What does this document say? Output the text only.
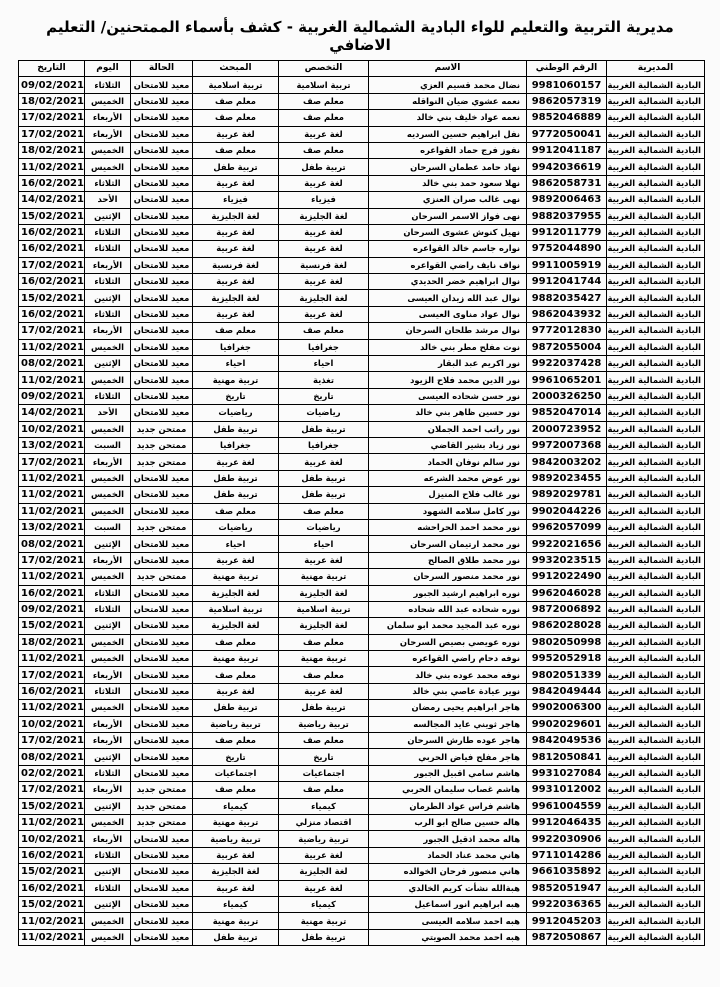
مديرية التربية والتعليم للواء البادية الشمالية الغربية - كشف بأسماء الممتحنين/ التعليم الاضافي
المديرية	الرقم الوطني	الاسم	التخصص	المبحث	الحالة	اليوم	التاريخ
البادية الشمالية الغربية	9981060157	نضال محمد قسيم العزي	تربية اسلامية	تربية اسلامية	معيد للامتحان	الثلاثاء	09/02/2021
البادية الشمالية الغربية	9862057319	نعمه عشوي ضيان النواقله	معلم صف	معلم صف	معيد للامتحان	الخميس	18/02/2021
البادية الشمالية الغربية	9852046889	نعمه عواد خليف بني خالد	معلم صف	معلم صف	معيد للامتحان	الأربعاء	17/02/2021
البادية الشمالية الغربية	9772050041	نفل ابراهيم حسين السرديه	لغة عربية	لغة عربية	معيد للامتحان	الأربعاء	17/02/2021
البادية الشمالية الغربية	9912041187	نفوز فرج حماد القواعره	معلم صف	معلم صف	معيد للامتحان	الخميس	18/02/2021
البادية الشمالية الغربية	9942036619	نهاد حامد عطمان السرحان	تربية طفل	تربية طفل	معيد للامتحان	الخميس	11/02/2021
البادية الشمالية الغربية	9862058731	نهلا سعود حمد بني خالد	لغة عربية	لغة عربية	معيد للامتحان	الثلاثاء	16/02/2021
البادية الشمالية الغربية	9892006463	نهى غالب صران العنزي	فيزياء	فيزياء	معيد للامتحان	الأحد	14/02/2021
البادية الشمالية الغربية	9882037955	نهى فواز الاسمر السرحان	لغة الجليزية	لغة الجليزية	معيد للامتحان	الإثنين	15/02/2021
البادية الشمالية الغربية	9912011779	نهيل كنوش عشوى السرحان	لغة عربية	لغة عربية	معيد للامتحان	الثلاثاء	16/02/2021
البادية الشمالية الغربية	9752044890	نواره جاسم خالد القواعره	لغة عربية	لغة عربية	معيد للامتحان	الثلاثاء	16/02/2021
البادية الشمالية الغربية	9911005919	نواف نايف راضي القواعره	لغة فرنسية	لغة فرنسية	معيد للامتحان	الأربعاء	17/02/2021
البادية الشمالية الغربية	9912041744	نوال ابراهيم خضر الحديدي	لغة عربية	لغة عربية	معيد للامتحان	الثلاثاء	16/02/2021
البادية الشمالية الغربية	9882035427	نوال عبد الله زيدان العيسى	لغة الجليزية	لغة الجليزية	معيد للامتحان	الإثنين	15/02/2021
البادية الشمالية الغربية	9862043932	نوال عواد مناوى العيسى	لغة عربية	لغة عربية	معيد للامتحان	الثلاثاء	16/02/2021
البادية الشمالية الغربية	9772012830	نوال مرشد طلحان السرحان	معلم صف	معلم صف	معيد للامتحان	الأربعاء	17/02/2021
البادية الشمالية الغربية	9872055004	نوت مفلح مطر بني خالد	جغرافيا	جغرافيا	معيد للامتحان	الخميس	11/02/2021
البادية الشمالية الغربية	9922037428	نور اكريم عبد البقار	احياء	احياء	معيد للامتحان	الإثنين	08/02/2021
البادية الشمالية الغربية	9961065201	نور الدين محمد فلاح الزيود	تغذية	تربية مهنية	معيد للامتحان	الخميس	11/02/2021
البادية الشمالية الغربية	2000326250	نور حسن شحاده العيسى	تاريخ	تاريخ	معيد للامتحان	الثلاثاء	09/02/2021
البادية الشمالية الغربية	9852047014	نور حسين ظاهر بني خالد	رياضيات	رياضيات	معيد للامتحان	الأحد	14/02/2021
البادية الشمالية الغربية	2000723952	نور راتب احمد الجملان	تربية طفل	تربية طفل	ممتحن جديد	الخميس	10/02/2021
البادية الشمالية الغربية	9972007368	نور زياد بشير القاضي	جغرافيا	جغرافيا	ممتحن جديد	السبت	13/02/2021
البادية الشمالية الغربية	9842003202	نور سالم نوفان الحماد	لغة عربية	لغة عربية	ممتحن جديد	الأربعاء	17/02/2021
البادية الشمالية الغربية	9892023455	نور عوض محمد الشرعه	تربية طفل	تربية طفل	معيد للامتحان	الخميس	11/02/2021
البادية الشمالية الغربية	9892029781	نور غالب فلاح المنيزل	تربية طفل	تربية طفل	معيد للامتحان	الخميس	11/02/2021
البادية الشمالية الغربية	9902044226	نور كامل سلامه الشهود	معلم صف	معلم صف	معيد للامتحان	الخميس	11/02/2021
البادية الشمالية الغربية	9962057099	نور محمد احمد الحراحشه	رياضيات	رياضيات	ممتحن جديد	السبت	13/02/2021
البادية الشمالية الغربية	9922021656	نور محمد ارتيمان السرحان	احياء	احياء	معيد للامتحان	الإثنين	08/02/2021
البادية الشمالية الغربية	9932023515	نور محمد طلاق الصالح	لغة عربية	لغة عربية	معيد للامتحان	الأربعاء	17/02/2021
البادية الشمالية الغربية	9912022490	نور محمد منصور السرحان	تربية مهنية	تربية مهنية	ممتحن جديد	الخميس	11/02/2021
البادية الشمالية الغربية	9962046028	نوره ابراهيم ارشيد الجبور	لغة الجليزية	لغة الجليزية	معيد للامتحان	الثلاثاء	16/02/2021
البادية الشمالية الغربية	9872006892	نوره شحاده عبد الله شحاده	تربية اسلامية	تربية اسلامية	معيد للامتحان	الثلاثاء	09/02/2021
البادية الشمالية الغربية	9862028028	نوره عبد المجيد محمد ابو سلمان	لغة الجليزية	لغة الجليزية	معيد للامتحان	الإثنين	15/02/2021
البادية الشمالية الغربية	9802050998	نوره عويصي بصيص السرحان	معلم صف	معلم صف	معيد للامتحان	الخميس	18/02/2021
البادية الشمالية الغربية	9952052918	نوفه دحام راضي القواعره	تربية مهنية	تربية مهنية	معيد للامتحان	الخميس	11/02/2021
البادية الشمالية الغربية	9802051339	نوفه محمد عوده بني خالد	معلم صف	معلم صف	معيد للامتحان	الأربعاء	17/02/2021
البادية الشمالية الغربية	9842049444	نوير عيادة عاصي بني خالد	لغة عربية	لغة عربية	معيد للامتحان	الثلاثاء	16/02/2021
البادية الشمالية الغربية	9902006300	هاجر ابراهيم يحيى رمضان	تربية طفل	تربية طفل	معيد للامتحان	الخميس	11/02/2021
البادية الشمالية الغربية	9902029601	هاجر ثويني عايد المجالسه	تربية رياضية	تربية رياضية	معيد للامتحان	الأربعاء	10/02/2021
البادية الشمالية الغربية	9842049536	هاجر عوده طارش السرحان	معلم صف	معلم صف	معيد للامتحان	الأربعاء	17/02/2021
البادية الشمالية الغربية	9812050841	هاجر مفلح فياض الحربي	تاريخ	تاريخ	معيد للامتحان	الإثنين	08/02/2021
البادية الشمالية الغربية	9931027084	هاشم سامي اقبيل الجبور	اجتماعيات	اجتماعيات	معيد للامتحان	الثلاثاء	02/02/2021
البادية الشمالية الغربية	9931012002	هاشم غصاب سليمان الحربي	معلم صف	معلم صف	ممتحن جديد	الأربعاء	17/02/2021
البادية الشمالية الغربية	9961004559	هاشم فراس عواد الطرمان	كيمياء	كيمياء	ممتحن جديد	الإثنين	15/02/2021
البادية الشمالية الغربية	9912046435	هاله حسين صالح ابو الرب	اقتصاد منزلي	تربية مهنية	ممتحن جديد	الخميس	11/02/2021
البادية الشمالية الغربية	9922030906	هاله محمد اذقيل الجبور	تربية رياضية	تربية رياضية	معيد للامتحان	الأربعاء	10/02/2021
البادية الشمالية الغربية	9711014286	هاني محمد عناد الحماد	لغة عربية	لغة عربية	معيد للامتحان	الثلاثاء	16/02/2021
البادية الشمالية الغربية	9661035892	هاني منصور فرحان الخوالده	لغة الجليزية	لغة الجليزية	معيد للامتحان	الإثنين	15/02/2021
البادية الشمالية الغربية	9852051947	هبةالله نشأت كريم الخالدي	لغة عربية	لغة عربية	معيد للامتحان	الثلاثاء	16/02/2021
البادية الشمالية الغربية	9922036365	هبه ابراهيم انور اسماعيل	كيمياء	كيمياء	معيد للامتحان	الإثنين	15/02/2021
البادية الشمالية الغربية	9912045203	هبه احمد سلامه العيسى	تربية مهنية	تربية مهنية	معيد للامتحان	الخميس	11/02/2021
البادية الشمالية الغربية	9872050867	هبه احمد محمد الصويتي	تربية طفل	تربية طفل	معيد للامتحان	الخميس	11/02/2021
